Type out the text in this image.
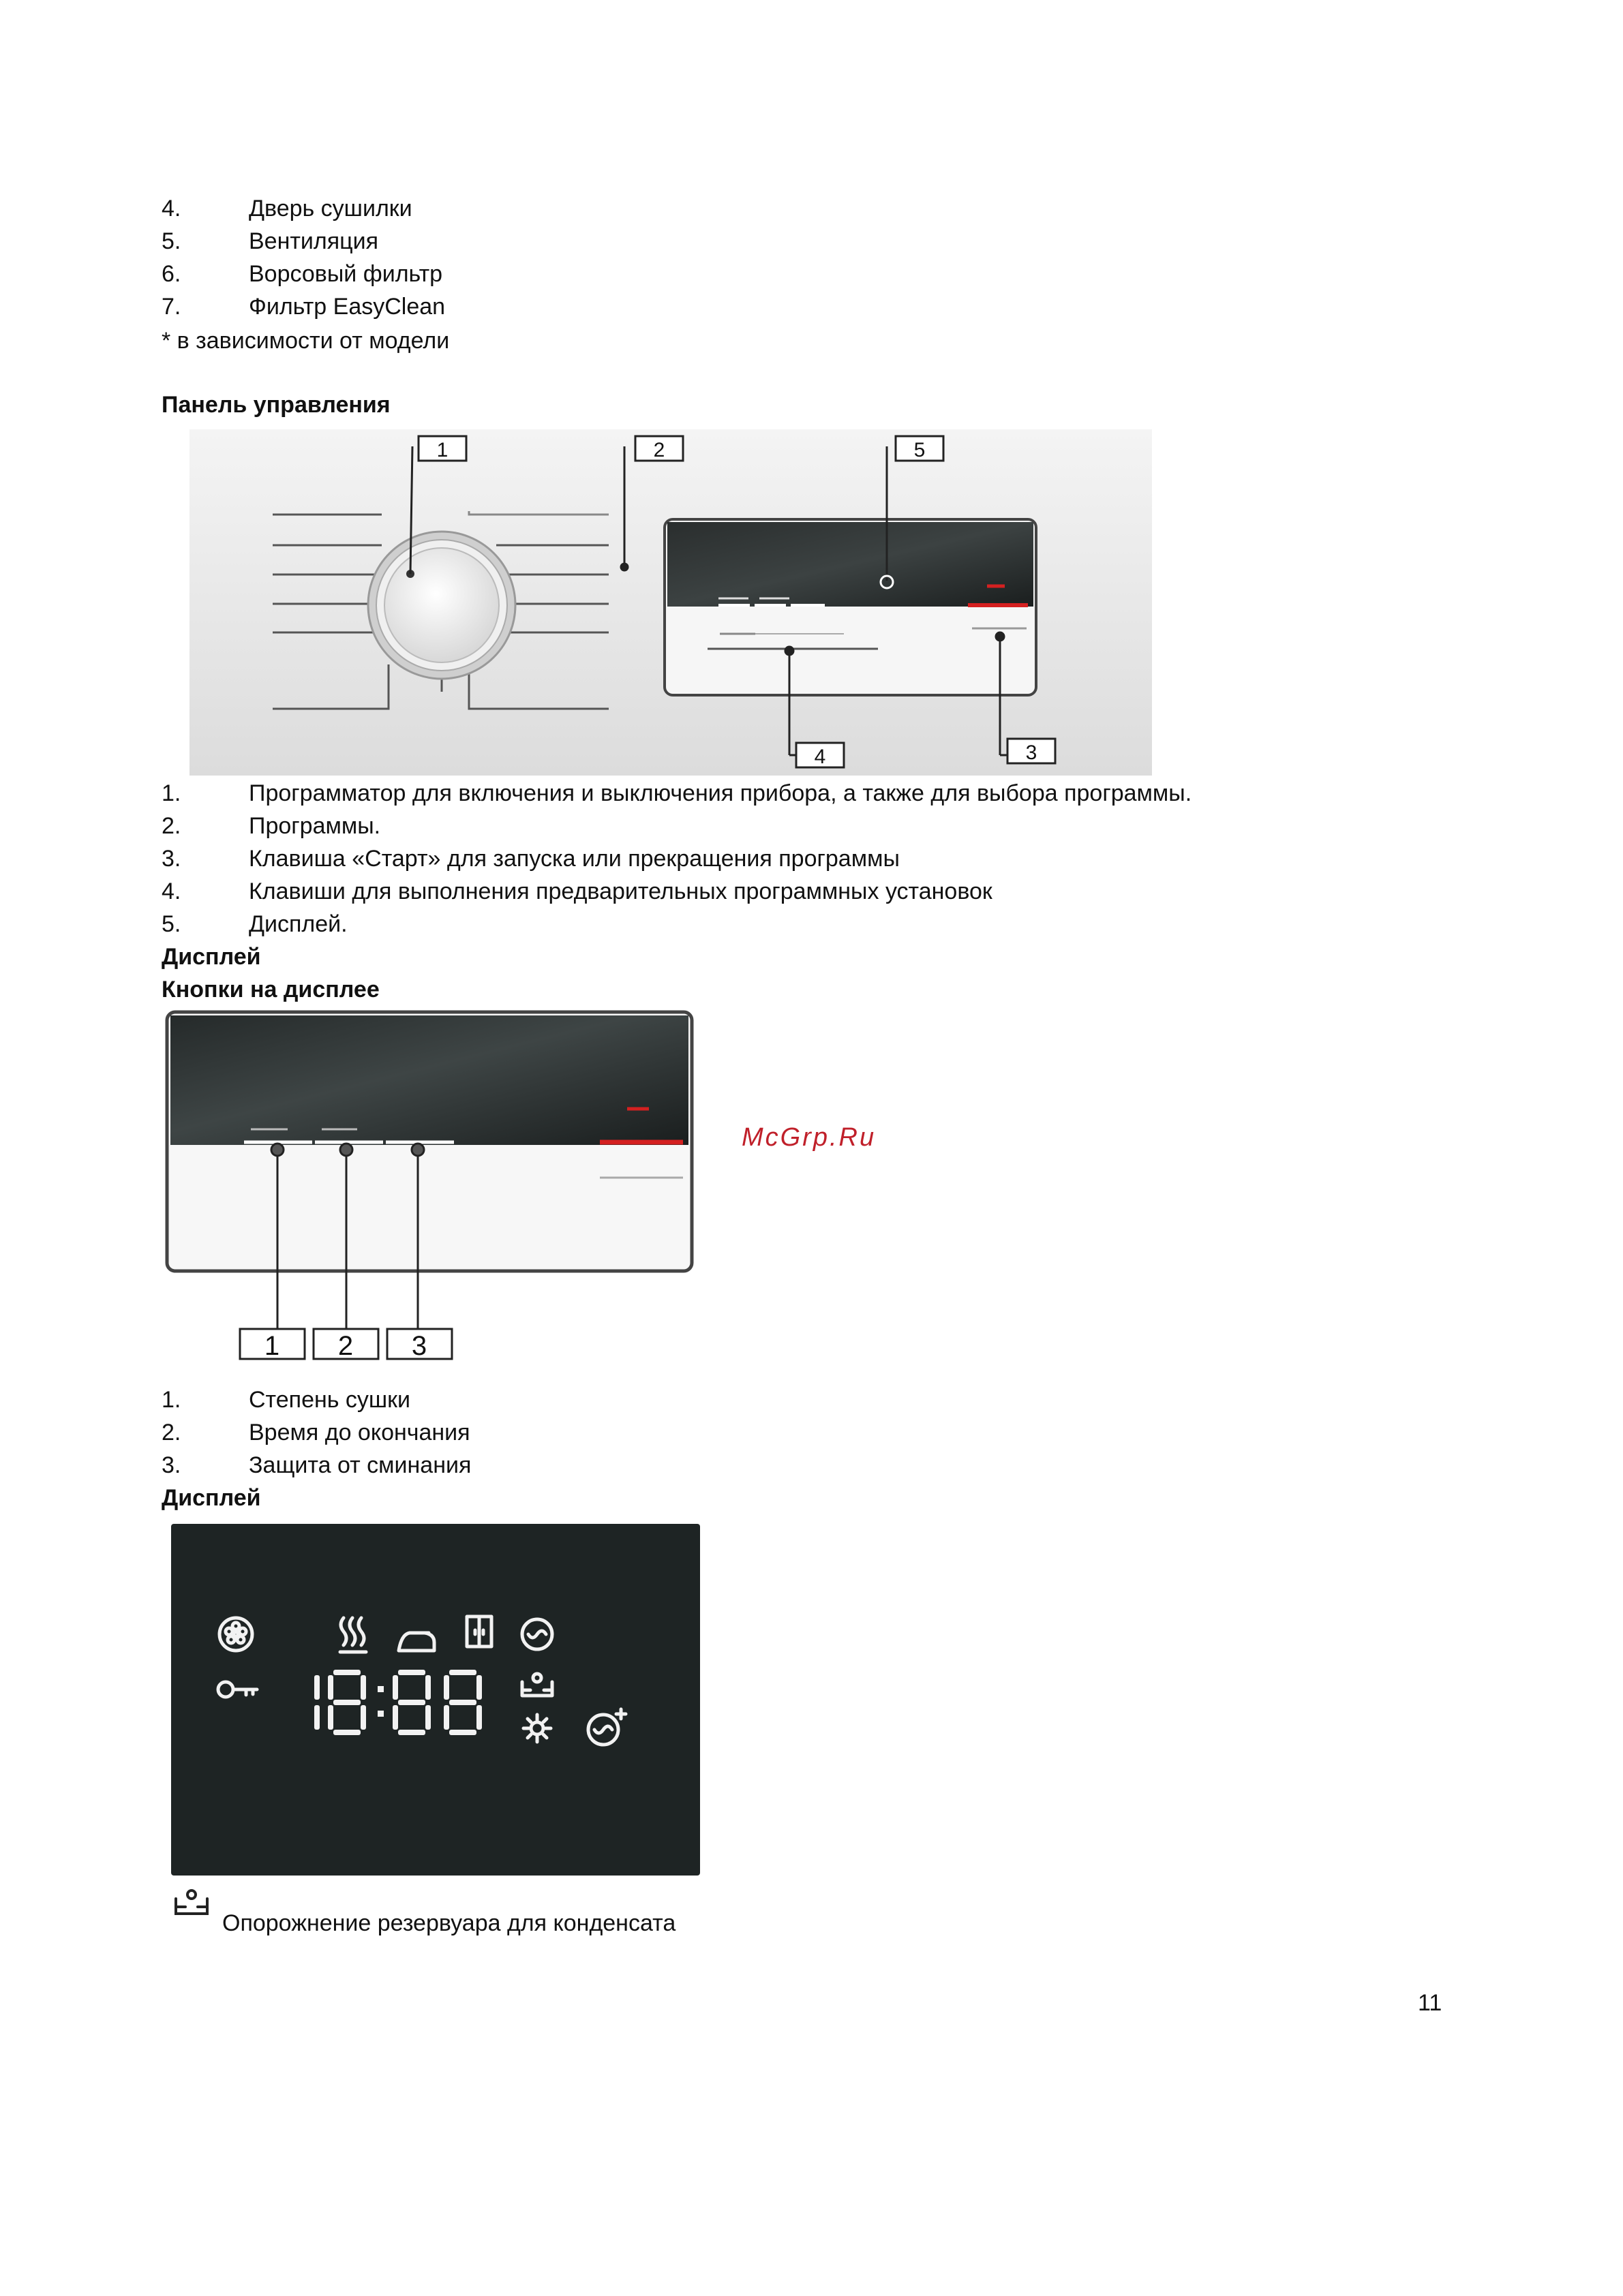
4.	Дверь сушилки
5.	Вентиляция
6.	Ворсовый фильтр
7.	Фильтр EasyClean
* в зависимости от модели
Панель управления
1	2	5
4	3
1.	Программатор для включения и выключения прибора, а также для выбора программы.
2.	Программы.
3.	Клавиша «Старт» для запуска или прекращения программы
4.	Клавиши для выполнения предварительных программных установок
5.	Дисплей.
Дисплей
Кнопки на дисплее
1 2 3
McGrp.Ru
1.	Степень сушки
2.	Время до окончания
3.	Защита от сминания
Дисплей
Опорожнение резервуара для конденсата
11
